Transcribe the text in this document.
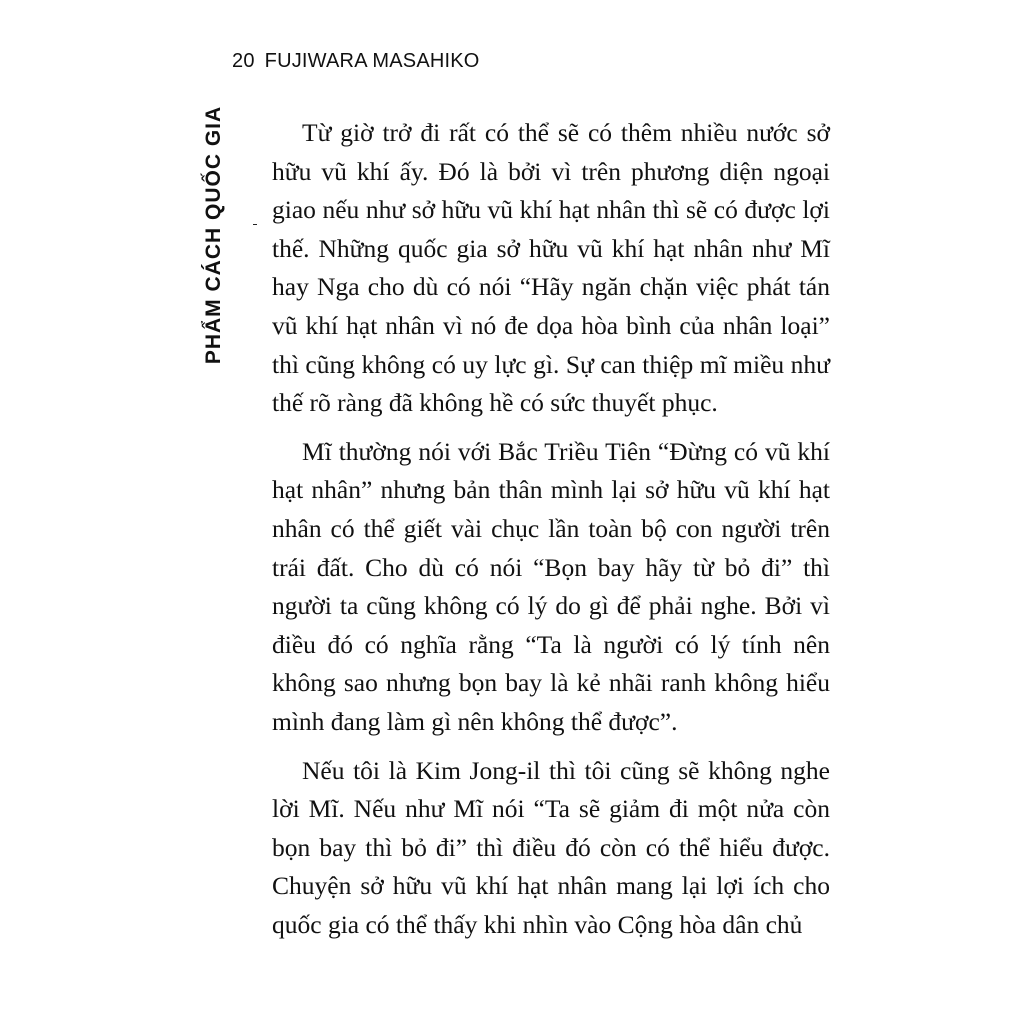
20 FUJIWARA MASAHIKO
PHẨM CÁCH QUỐC GIA	Từ giờ trở đi rất có thể sẽ có thêm nhiều nước sở hữu vũ khí ấy. Đó là bởi vì trên phương diện ngoại giao nếu như sở hữu vũ khí hạt nhân thì sẽ có được lợi thế. Những quốc gia sở hữu vũ khí hạt nhân như Mĩ hay Nga cho dù có nói “Hãy ngăn chặn việc phát tán vũ khí hạt nhân vì nó đe dọa hòa bình của nhân loại” thì cũng không có uy lực gì. Sự can thiệp mĩ miều như thế rõ ràng đã không hề có sức thuyết phục.

Mĩ thường nói với Bắc Triều Tiên “Đừng có vũ khí hạt nhân” nhưng bản thân mình lại sở hữu vũ khí hạt nhân có thể giết vài chục lần toàn bộ con người trên trái đất. Cho dù có nói “Bọn bay hãy từ bỏ đi” thì người ta cũng không có lý do gì để phải nghe. Bởi vì điều đó có nghĩa rằng “Ta là người có lý tính nên không sao nhưng bọn bay là kẻ nhãi ranh không hiểu mình đang làm gì nên không thể được”.

Nếu tôi là Kim Jong-il thì tôi cũng sẽ không nghe lời Mĩ. Nếu như Mĩ nói “Ta sẽ giảm đi một nửa còn bọn bay thì bỏ đi” thì điều đó còn có thể hiểu được. Chuyện sở hữu vũ khí hạt nhân mang lại lợi ích cho quốc gia có thể thấy khi nhìn vào Cộng hòa dân chủ
